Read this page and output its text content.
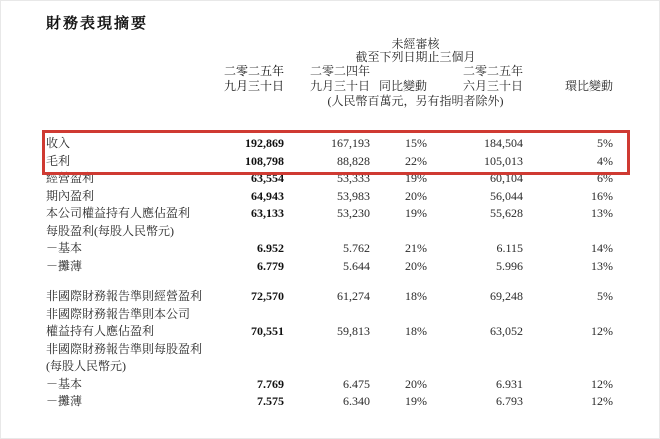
財務表現摘要
	未經審核				
	截至下列日期止三個月				
	二零二五年	二零二四年		二零二五年	
	九月三十日	九月三十日	同比變動	六月三十日	環比變動
	(人民幣百萬元，另有指明者除外)				

收入	192,869	167,193	15%	184,504	5%
毛利	108,798	88,828	22%	105,013	4%
經營盈利	63,554	53,333	19%	60,104	6%
期內盈利	64,943	53,983	20%	56,044	16%
本公司權益持有人應佔盈利	63,133	53,230	19%	55,628	13%
每股盈利(每股人民幣元)					
－基本	6.952	5.762	21%	6.115	14%
－攤薄	6.779	5.644	20%	5.996	13%

非國際財務報告準則經營盈利	72,570	61,274	18%	69,248	5%
非國際財務報告準則本公司					
權益持有人應佔盈利	70,551	59,813	18%	63,052	12%
非國際財務報告準則每股盈利					
(每股人民幣元)					
－基本	7.769	6.475	20%	6.931	12%
－攤薄	7.575	6.340	19%	6.793	12%
